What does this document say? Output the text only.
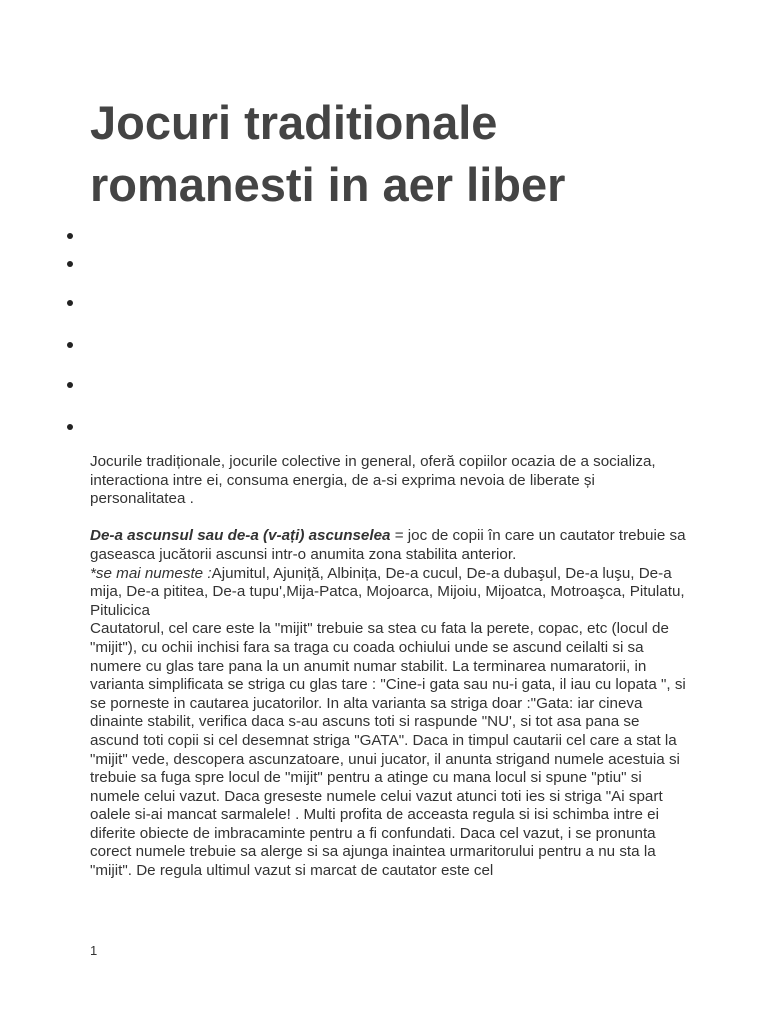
Jocuri traditionale
romanesti in aer liber

Jocurile tradiționale, jocurile colective in general, oferă copiilor ocazia de a socializa, interactiona intre ei, consuma energia, de a-si exprima nevoia de liberate și personalitatea .

De-a ascunsul sau de-a (v-ați) ascunselea = joc de copii în care un cautator trebuie sa gaseasca jucătorii ascunsi intr-o anumita zona stabilita anterior.

*se mai numeste :Ajumitul, Ajuniță, Albinița, De-a cucul, De-a dubaşul, De-a luşu, De-a mija, De-a pititea, De-a tupu',Mija-Patca, Mojoarca, Mijoiu, Mijoatca, Motroaşca, Pitulatu, Pitulicica

Cautatorul, cel care este la "mijit" trebuie sa stea cu fata la perete, copac, etc (locul de "mijit"), cu ochii inchisi fara sa traga cu coada ochiului unde se ascund ceilalti si sa numere cu glas tare pana la un anumit numar stabilit. La terminarea numaratorii, in varianta simplificata se striga cu glas tare : "Cine-i gata sau nu-i gata, il iau cu lopata ", si se porneste in cautarea jucatorilor. In alta varianta sa striga doar :"Gata: iar cineva dinainte stabilit, verifica daca s-au ascuns toti si raspunde "NU', si tot asa pana se ascund toti copii si cel desemnat striga "GATA". Daca in timpul cautarii cel care a stat la "mijit" vede, descopera ascunzatoare, unui jucator, il anunta strigand numele acestuia si trebuie sa fuga spre locul de "mijit" pentru a atinge cu mana locul si spune "ptiu" si numele celui vazut. Daca greseste numele celui vazut atunci toti ies si striga "Ai spart oalele si-ai mancat sarmalele! . Multi profita de acceasta regula si isi schimba intre ei diferite obiecte de imbracaminte pentru a fi confundati. Daca cel vazut, i se pronunta corect numele trebuie sa alerge si sa ajunga inaintea urmaritorului pentru a nu sta la "mijit". De regula ultimul vazut si marcat de cautator este cel

1
